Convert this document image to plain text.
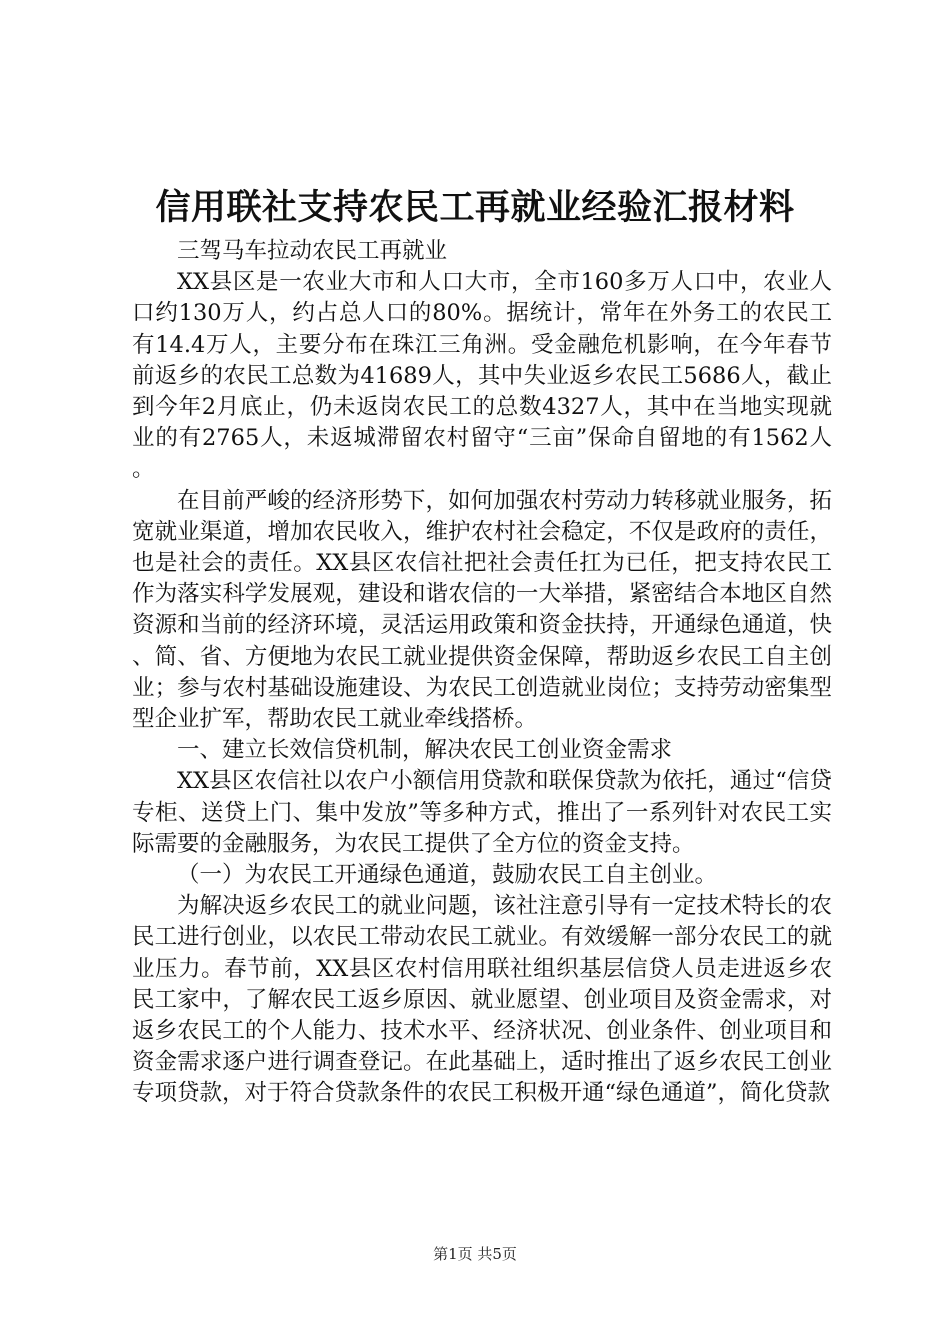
信用联社支持农民工再就业经验汇报材料

三驾马车拉动农民工再就业

XX县区是一农业大市和人口大市，全市160多万人口中，农业人口约130万人，约占总人口的80%。据统计，常年在外务工的农民工有14.4万人，主要分布在珠江三角洲。受金融危机影响，在今年春节前返乡的农民工总数为41689人，其中失业返乡农民工5686人，截止到今年2月底止，仍未返岗农民工的总数4327人，其中在当地实现就业的有2765人，未返城滞留农村留守“三亩”保命自留地的有1562人。

在目前严峻的经济形势下，如何加强农村劳动力转移就业服务，拓宽就业渠道，增加农民收入，维护农村社会稳定，不仅是政府的责任，也是社会的责任。XX县区农信社把社会责任扛为已任，把支持农民工作为落实科学发展观，建设和谐农信的一大举措，紧密结合本地区自然资源和当前的经济环境，灵活运用政策和资金扶持，开通绿色通道，快、简、省、方便地为农民工就业提供资金保障，帮助返乡农民工自主创业；参与农村基础设施建设、为农民工创造就业岗位；支持劳动密集型型企业扩军，帮助农民工就业牵线搭桥。

一、建立长效信贷机制，解决农民工创业资金需求

XX县区农信社以农户小额信用贷款和联保贷款为依托，通过“信贷专柜、送贷上门、集中发放”等多种方式，推出了一系列针对农民工实际需要的金融服务，为农民工提供了全方位的资金支持。

（一）为农民工开通绿色通道，鼓励农民工自主创业。

为解决返乡农民工的就业问题，该社注意引导有一定技术特长的农民工进行创业，以农民工带动农民工就业。有效缓解一部分农民工的就业压力。春节前，XX县区农村信用联社组织基层信贷人员走进返乡农民工家中，了解农民工返乡原因、就业愿望、创业项目及资金需求，对返乡农民工的个人能力、技术水平、经济状况、创业条件、创业项目和资金需求逐户进行调查登记。在此基础上，适时推出了返乡农民工创业专项贷款，对于符合贷款条件的农民工积极开通“绿色通道”，简化贷款

第1页 共5页
